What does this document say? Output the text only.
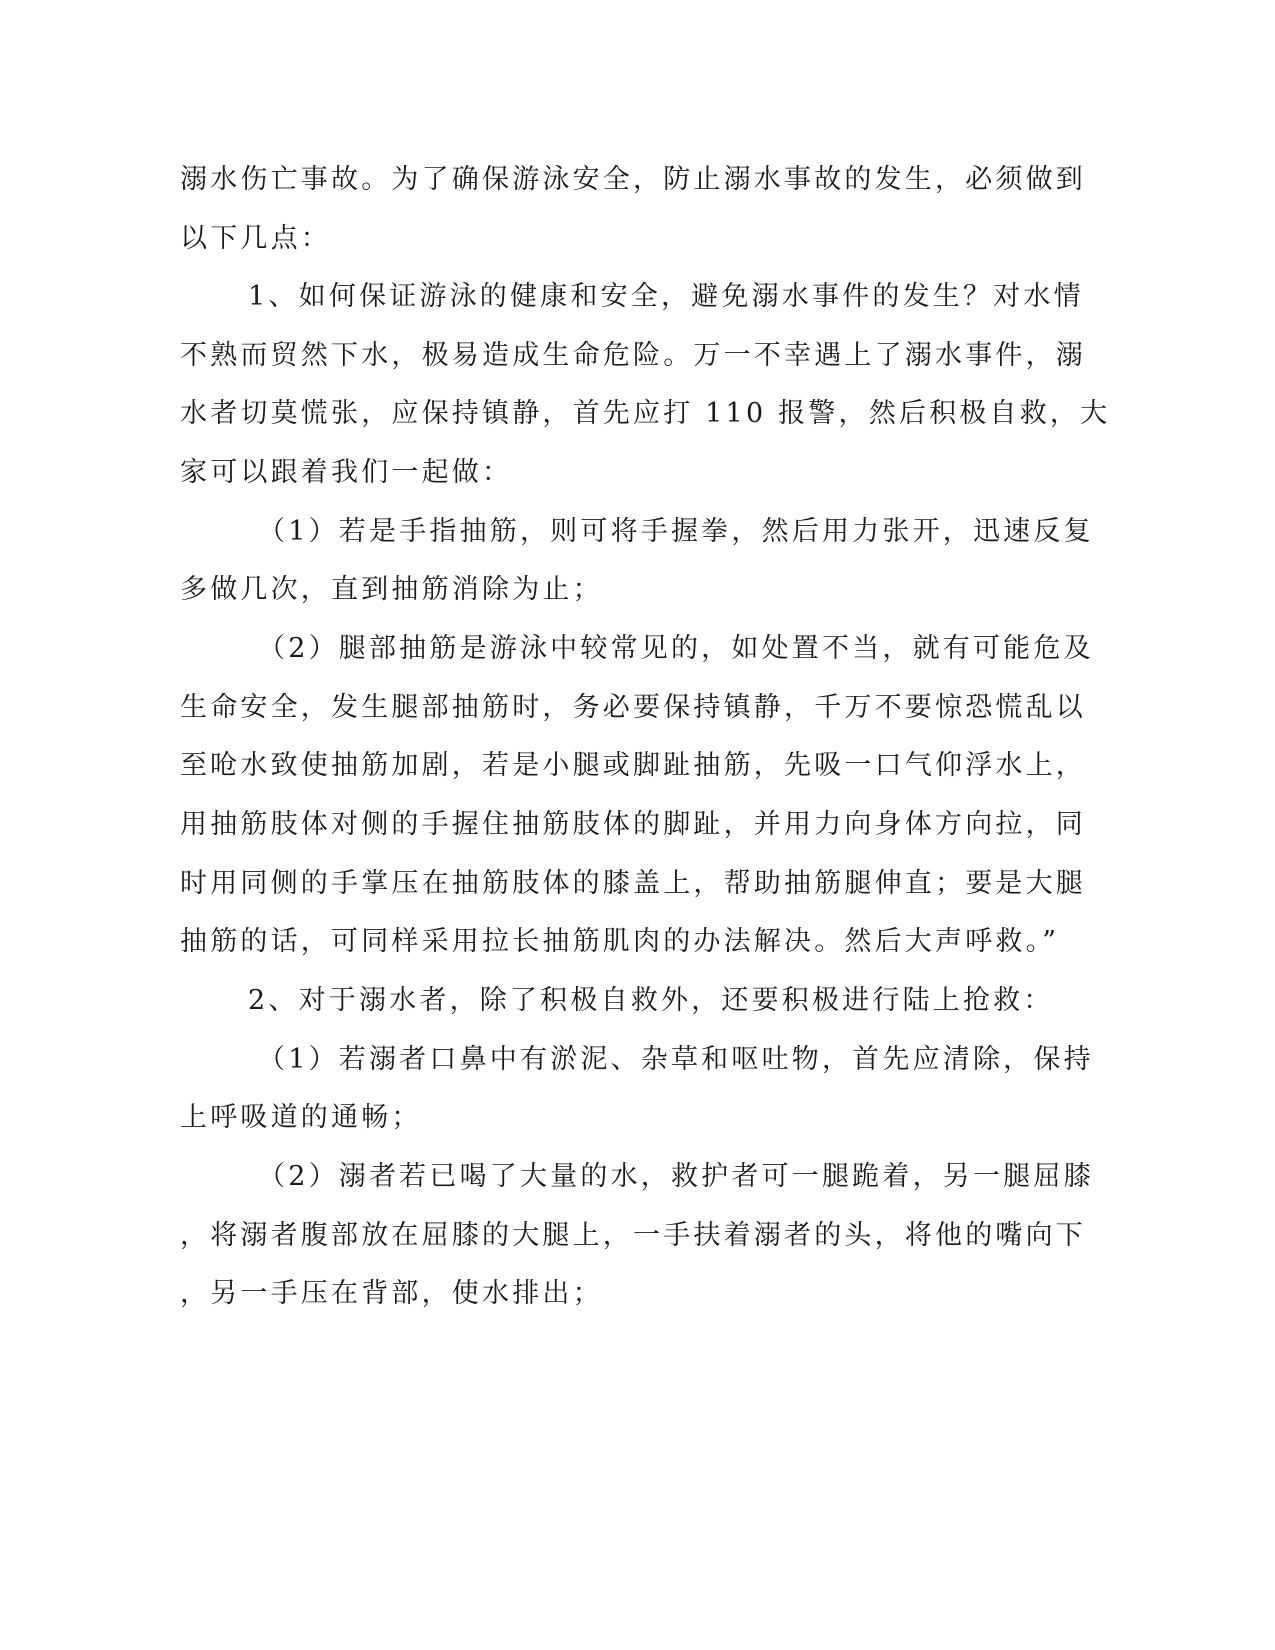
溺水伤亡事故。为了确保游泳安全，防止溺水事故的发生，必须做到
以下几点：
1、如何保证游泳的健康和安全，避免溺水事件的发生？对水情
不熟而贸然下水，极易造成生命危险。万一不幸遇上了溺水事件，溺
水者切莫慌张，应保持镇静，首先应打 110 报警，然后积极自救，大
家可以跟着我们一起做：
（1）若是手指抽筋，则可将手握拳，然后用力张开，迅速反复
多做几次，直到抽筋消除为止；
（2）腿部抽筋是游泳中较常见的，如处置不当，就有可能危及
生命安全，发生腿部抽筋时，务必要保持镇静，千万不要惊恐慌乱以
至呛水致使抽筋加剧，若是小腿或脚趾抽筋，先吸一口气仰浮水上，
用抽筋肢体对侧的手握住抽筋肢体的脚趾，并用力向身体方向拉，同
时用同侧的手掌压在抽筋肢体的膝盖上，帮助抽筋腿伸直；要是大腿
抽筋的话，可同样采用拉长抽筋肌肉的办法解决。然后大声呼救。”
2、对于溺水者，除了积极自救外，还要积极进行陆上抢救：
（1）若溺者口鼻中有淤泥、杂草和呕吐物，首先应清除，保持
上呼吸道的通畅；
（2）溺者若已喝了大量的水，救护者可一腿跪着，另一腿屈膝
，将溺者腹部放在屈膝的大腿上，一手扶着溺者的头，将他的嘴向下
，另一手压在背部，使水排出；
